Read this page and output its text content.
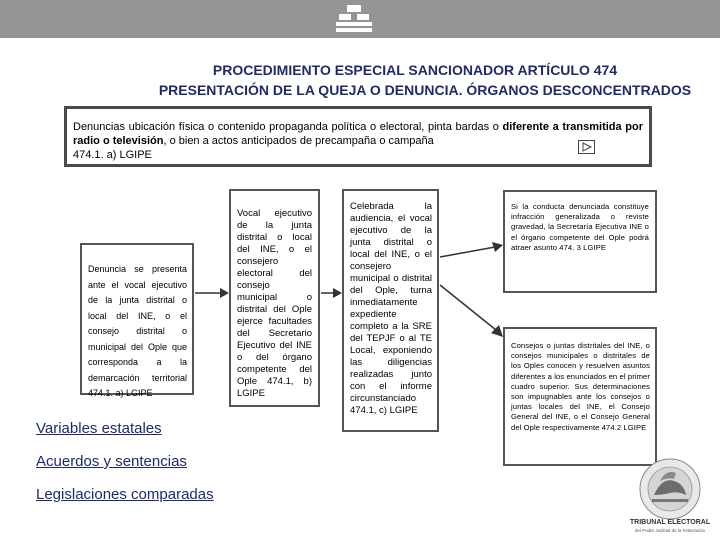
PROCEDIMIENTO ESPECIAL SANCIONADOR ARTÍCULO 474
PRESENTACIÓN DE LA QUEJA O DENUNCIA. ÓRGANOS DESCONCENTRADOS
Denuncias ubicación física o contenido propaganda política o electoral, pinta bardas o diferente a transmitida por radio o televisión, o bien a actos anticipados de precampaña o campaña
474.1. a) LGIPE
Denuncia se presenta ante el vocal ejecutivo de la junta distrital o local del INE, o el consejo distrital o municipal del Ople que corresponda a la demarcación territorial 474.1. a) LGIPE
Vocal ejecutivo de la junta distrital o local del INE, o el consejero electoral del consejo municipal o distrital del Ople ejerce facultades del Secretario Ejecutivo del INE o del órgano competente del Ople 474.1, b) LGIPE
Celebrada la audiencia, el vocal ejecutivo de la junta distrital o local del INE, o el consejero municipal o distrital del Ople, turna inmediatamente expediente completo a la SRE del TEPJF o al TE Local, exponiendo las diligencias realizadas junto con el informe circunstanciado 474.1, c) LGIPE
Si la conducta denunciada constituye infracción generalizada o reviste gravedad, la Secretaría Ejecutiva INE o el órgano competente del Ople podrá atraer asunto 474. 3 LGIPE
Consejos o juntas distritales del INE, o consejos municipales o distritales de los Oples conocen y resuelven asuntos diferentes a los enunciados en el primer cuadro superior. Sus determinaciones son impugnables ante los consejos o juntas locales del INE, el Consejo General del INE, o el Consejo General del Ople respectivamente 474.2 LGIPE
Variables estatales
Acuerdos y sentencias
Legislaciones comparadas
TRIBUNAL ELECTORAL
del Poder Judicial de la Federación
